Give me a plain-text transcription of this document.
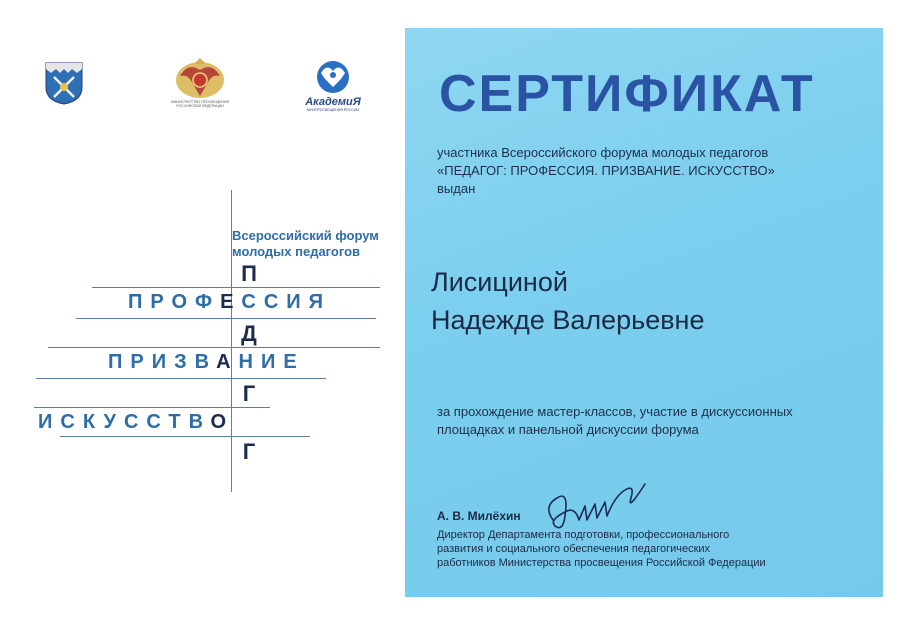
МИНИСТЕРСТВО ПРОСВЕЩЕНИЯ РОССИЙСКОЙ ФЕДЕРАЦИИ	АкадемиЯ
МИНПРОСВЕЩЕНИЯ РОССИИ
Всероссийский форум
молодых педагогов
ПРОФЕССИЯ
ПРИЗВАНИЕ
ИСКУССТВО
П
Д
Г
Г
СЕРТИФИКАТ
участника Всероссийского форума молодых педагогов
«ПЕДАГОГ: ПРОФЕССИЯ. ПРИЗВАНИЕ. ИСКУССТВО»
выдан
Лисициной
Надежде Валерьевне
за прохождение мастер-классов, участие в дискуссионных
площадках и панельной дискуссии форума
А. В. Милёхин
Директор Департамента подготовки, профессионального
развития и социального обеспечения педагогических
работников Министерства просвещения Российской Федерации
